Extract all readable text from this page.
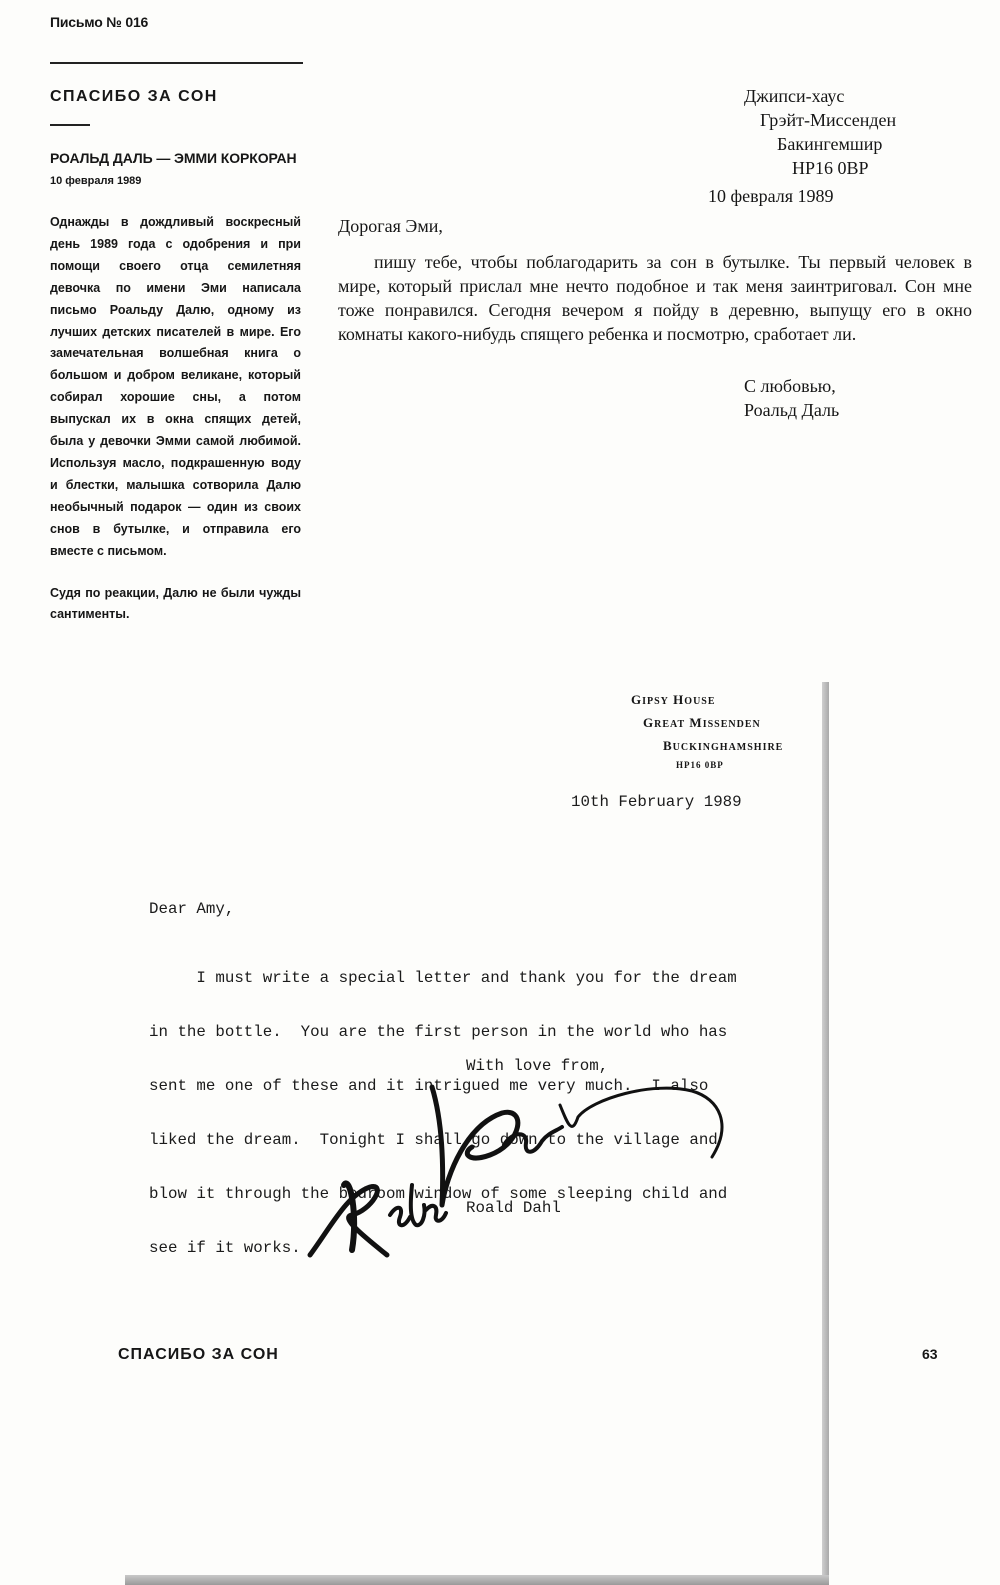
Письмо № 016
СПАСИБО ЗА СОН
РОАЛЬД ДАЛЬ — ЭММИ КОРКОРАН
10 февраля 1989

Однажды в дождливый воскресный день 1989 года с одобрения и при помощи своего отца семилетняя девочка по имени Эми написала письмо Роальду Далю, одному из лучших детских писателей в мире. Его замечательная волшебная книга о большом и добром великане, который собирал хорошие сны, а потом выпускал их в окна спящих детей, была у девочки Эмми самой любимой. Используя масло, подкрашенную воду и блестки, малышка сотворила Далю необычный подарок — один из своих снов в бутылке, и отправила его вместе с письмом.

Судя по реакции, Далю не были чужды сантименты.

Джипси-хаус
Грэйт-Миссенден
Бакингемшир
HP16 0BP
10 февраля 1989
Дорогая Эми,
пишу тебе, чтобы поблагодарить за сон в бутылке. Ты первый человек в мире, который прислал мне нечто подобное и так меня заинтриговал. Сон мне тоже понравился. Сегодня вечером я пойду в деревню, выпущу его в окно комнаты какого-нибудь спящего ребенка и посмотрю, сработает ли.
С любовью,
Роальд Даль
GIPSY HOUSE
GREAT MISSENDEN
BUCKINGHAMSHIRE
HP16 0BP
10th February 1989
Dear Amy,

I must write a special letter and thank you for the dream

in the bottle.  You are the first person in the world who has

sent me one of these and it intrigued me very much.  I also

liked the dream.  Tonight I shall go down to the village and

blow it through the bedroom window of some sleeping child and

see if it works.

With love from,
Roald Dahl
СПАСИБО ЗА СОН	63
